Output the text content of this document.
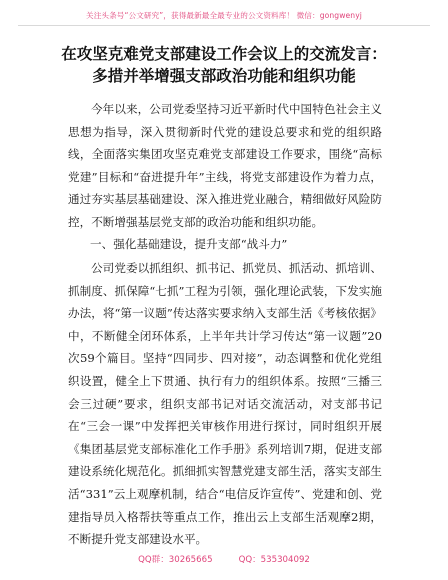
关注头条号“公文研究”，获得最新最全最专业的公文资料库！ 微信：gongwenyj
在攻坚克难党支部建设工作会议上的交流发言：
多措并举增强支部政治功能和组织功能

今年以来，公司党委坚持习近平新时代中国特色社会主义思想为指导，深入贯彻新时代党的建设总要求和党的组织路线，全面落实集团攻坚克难党支部建设工作要求，围绕“高标党建”目标和“奋进提升年”主线，将党支部建设作为着力点，通过夯实基层基础建设、深入推进党业融合，精细做好风险防控，不断增强基层党支部的政治功能和组织功能。

一、强化基础建设，提升支部“战斗力”

公司党委以抓组织、抓书记、抓党员、抓活动、抓培训、抓制度、抓保障“七抓”工程为引领，强化理论武装，下发实施办法，将“第一议题”传达落实要求纳入支部生活《考核依据》中，不断健全闭环体系，上半年共计学习传达“第一议题”20次59个篇目。坚持“四同步、四对接”，动态调整和优化党组织设置，健全上下贯通、执行有力的组织体系。按照“三播三会三过硬”要求，组织支部书记对话交流活动，对支部书记在“三会一课”中发挥把关审核作用进行探讨，同时组织开展《集团基层党支部标准化工作手册》系列培训7期，促进支部建设系统化规范化。抓细抓实智慧党建支部生活，落实支部生活“331”云上观摩机制，结合“电信反诈宣传”、党建和创、党建指导员入格帮扶等重点工作，推出云上支部生活观摩2期，不断提升党支部建设水平。

QQ群：30265665	QQ：535304092
